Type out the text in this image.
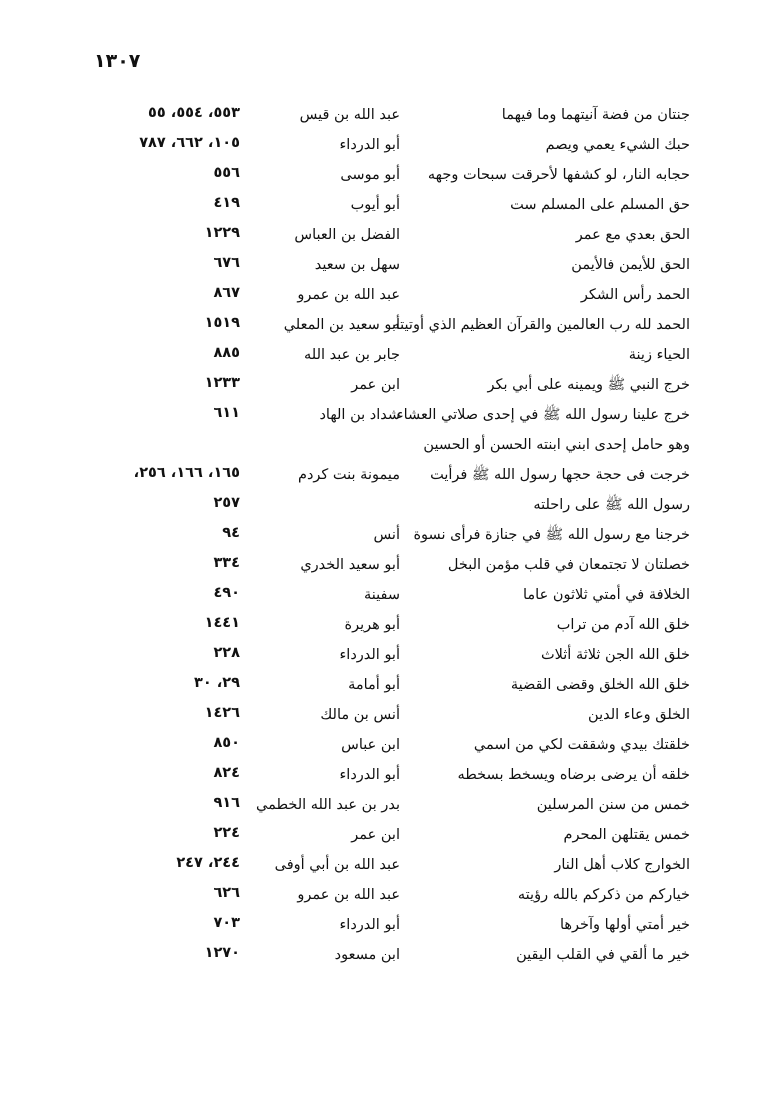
١٣٠٧
جنتان من فضة آنيتهما وما فيهما
عبد الله بن قيس
٥٥٣، ٥٥٤، ٥٥
حبك الشيء يعمي ويصم
أبو الدرداء
١٠٥، ٦٦٢، ٧٨٧
حجابه النار، لو كشفها لأحرقت سبحات وجهه
أبو موسى
٥٥٦
حق المسلم على المسلم ست
أبو أيوب
٤١٩
الحق بعدي مع عمر
الفضل بن العباس
١٢٢٩
الحق للأيمن فالأيمن
سهل بن سعيد
٦٧٦
الحمد رأس الشكر
عبد الله بن عمرو
٨٦٧
الحمد لله رب العالمين والقرآن العظيم الذي أوتيته
أبو سعيد بن المعلي
١٥١٩
الحياء زينة
جابر بن عبد الله
٨٨٥
خرج النبي ﷺ ويمينه على أبي بكر
ابن عمر
١٢٣٣
خرج علينا رسول الله ﷺ في إحدى صلاتي العشاء
شداد بن الهاد
٦١١
وهو حامل إحدى ابني ابنته الحسن أو الحسين
خرجت فى حجة حجها رسول الله ﷺ فرأيت
ميمونة بنت كردم
١٦٥، ١٦٦، ٢٥٦،
رسول الله ﷺ على راحلته
٢٥٧
خرجنا مع رسول الله ﷺ في جنازة فرأى نسوة
أنس
٩٤
خصلتان لا تجتمعان في قلب مؤمن البخل
أبو سعيد الخدري
٣٣٤
الخلافة في أمتي ثلاثون عاما
سفينة
٤٩٠
خلق الله آدم من تراب
أبو هريرة
١٤٤١
خلق الله الجن ثلاثة أثلاث
أبو الدرداء
٢٢٨
خلق الله الخلق وقضى القضية
أبو أمامة
٢٩، ٣٠
الخلق وعاء الدين
أنس بن مالك
١٤٢٦
خلقتك بيدي وشققت لكي من اسمي
ابن عباس
٨٥٠
خلقه أن يرضى برضاه ويسخط بسخطه
أبو الدرداء
٨٢٤
خمس من سنن المرسلين
بدر بن عبد الله الخطمي
٩١٦
خمس يقتلهن المحرم
ابن عمر
٢٢٤
الخوارج كلاب أهل النار
عبد الله بن أبي أوفى
٢٤٤، ٢٤٧
خياركم من ذكركم بالله رؤيته
عبد الله بن عمرو
٦٢٦
خير أمتي أولها وآخرها
أبو الدرداء
٧٠٣
خير ما ألقي في القلب اليقين
ابن مسعود
١٢٧٠
